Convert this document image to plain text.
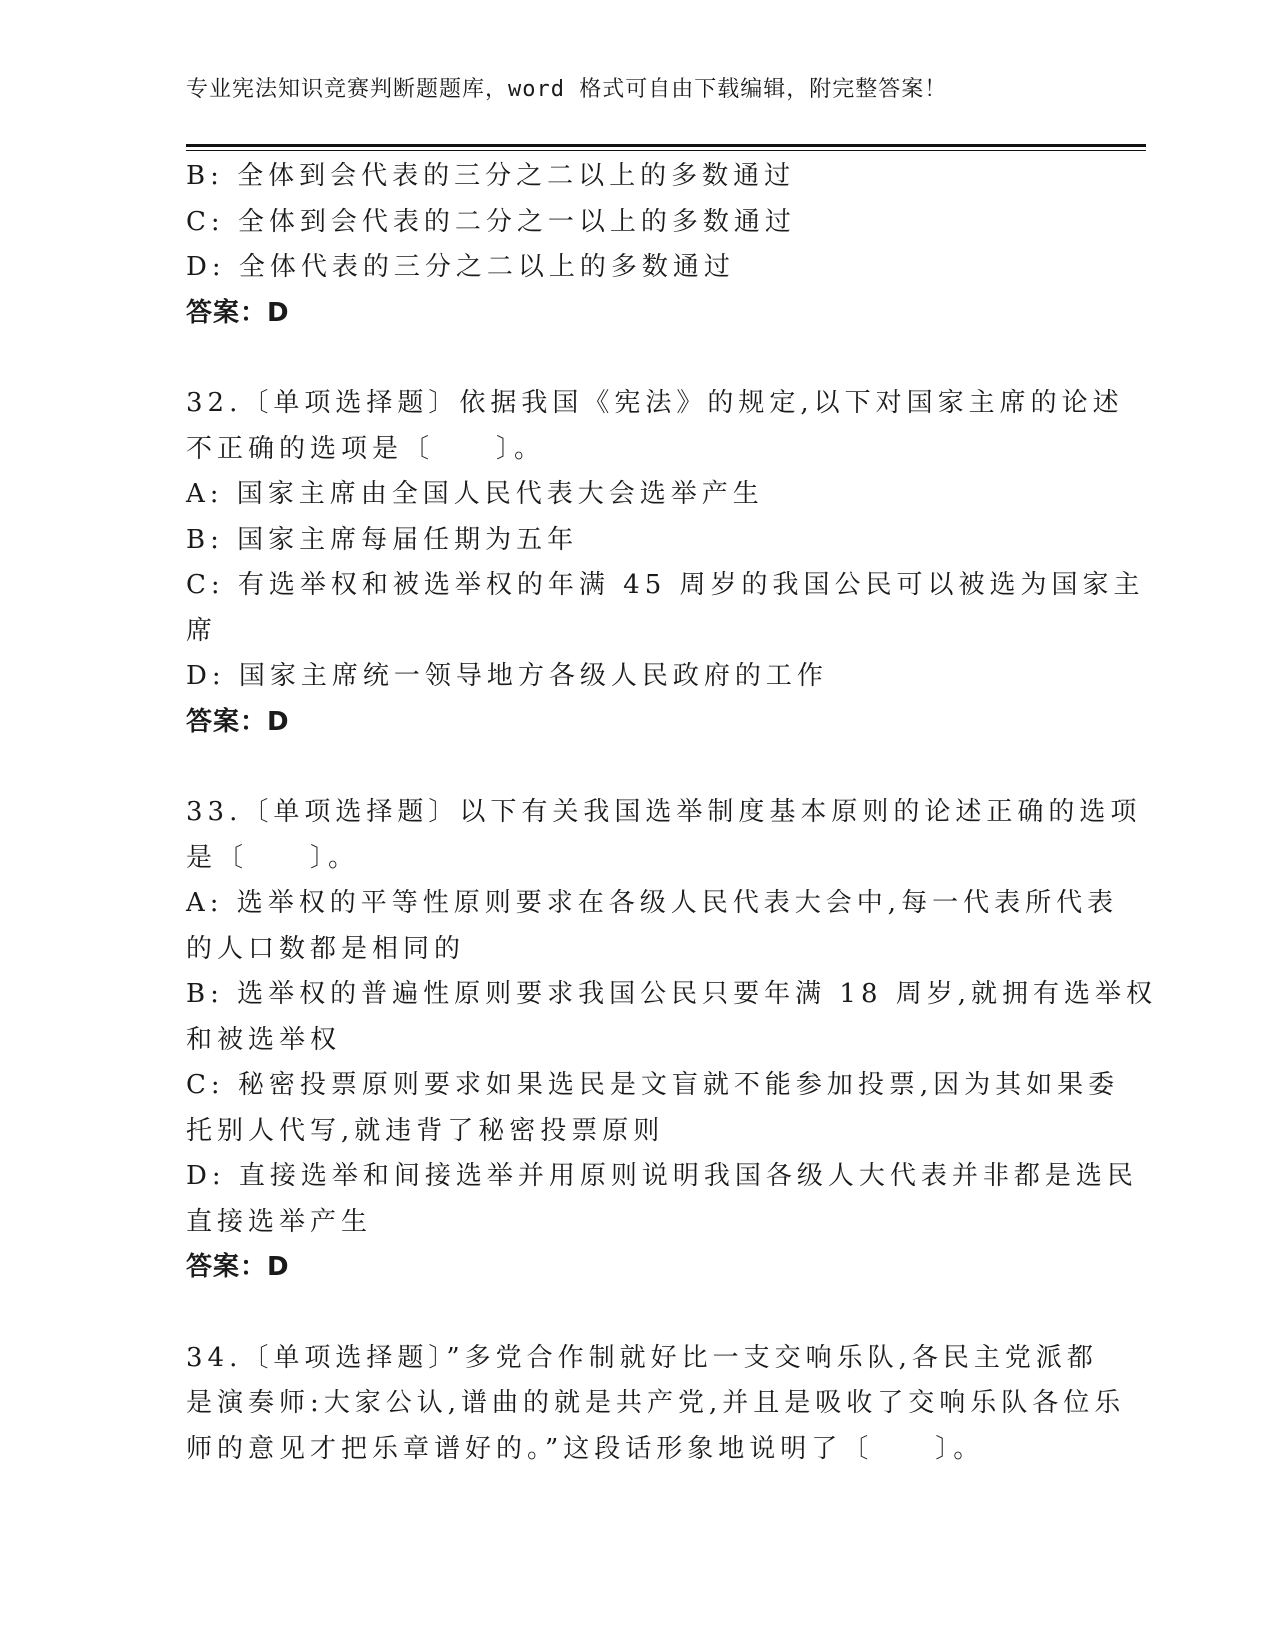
专业宪法知识竞赛判断题题库，word 格式可自由下载编辑，附完整答案！
B: 全体到会代表的三分之二以上的多数通过
C: 全体到会代表的二分之一以上的多数通过
D: 全体代表的三分之二以上的多数通过
答案：D
32.〔单项选择题〕依据我国《宪法》的规定,以下对国家主席的论述
不正确的选项是〔　　〕。
A: 国家主席由全国人民代表大会选举产生
B: 国家主席每届任期为五年
C: 有选举权和被选举权的年满 45 周岁的我国公民可以被选为国家主
席
D: 国家主席统一领导地方各级人民政府的工作
答案：D
33.〔单项选择题〕以下有关我国选举制度基本原则的论述正确的选项
是〔　　〕。
A: 选举权的平等性原则要求在各级人民代表大会中,每一代表所代表
的人口数都是相同的
B: 选举权的普遍性原则要求我国公民只要年满 18 周岁,就拥有选举权
和被选举权
C: 秘密投票原则要求如果选民是文盲就不能参加投票,因为其如果委
托别人代写,就违背了秘密投票原则
D: 直接选举和间接选举并用原则说明我国各级人大代表并非都是选民
直接选举产生
答案：D
34.〔单项选择题〕”多党合作制就好比一支交响乐队,各民主党派都
是演奏师:大家公认,谱曲的就是共产党,并且是吸收了交响乐队各位乐
师的意见才把乐章谱好的。”这段话形象地说明了〔　　〕。
